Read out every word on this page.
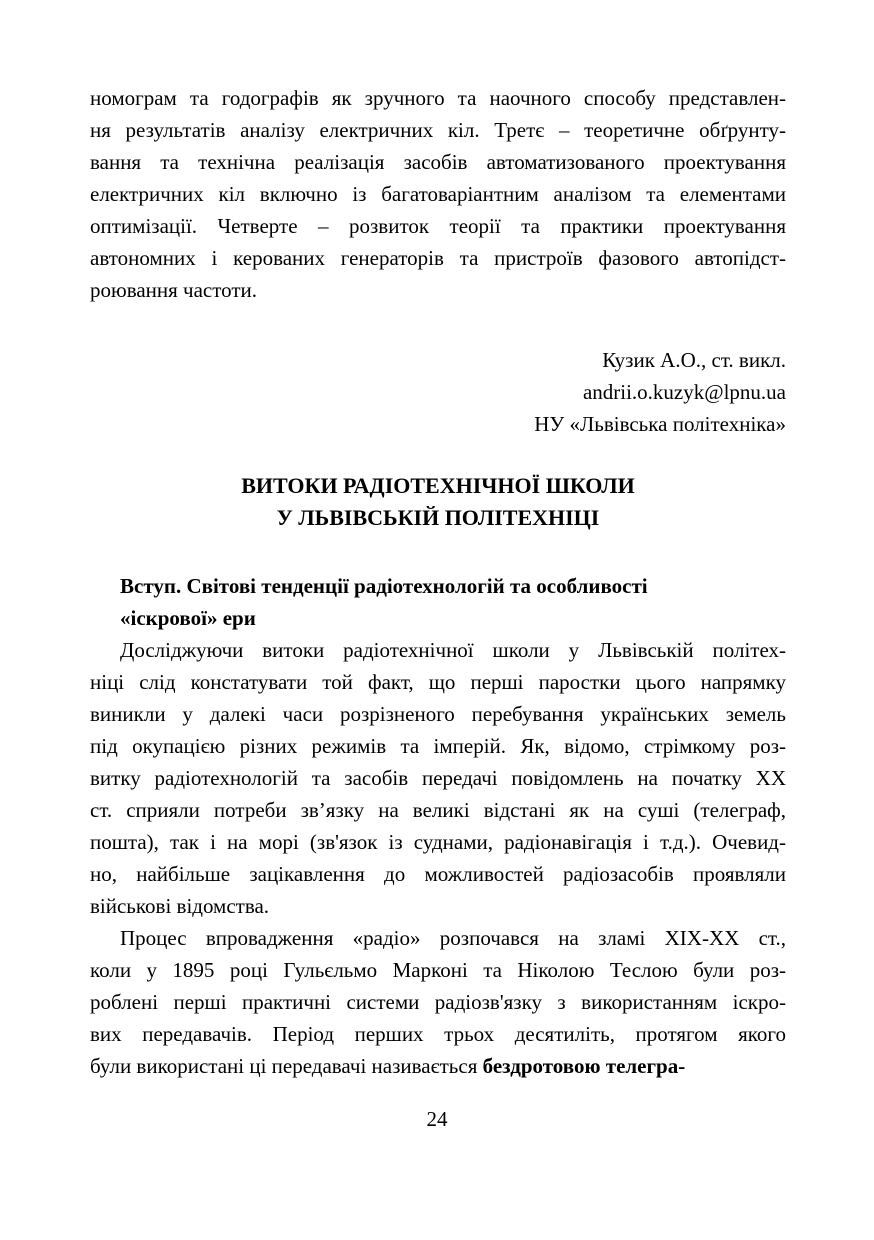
номограм та годографів як зручного та наочного способу представлен-
ня результатів аналізу електричних кіл. Третє – теоретичне обґрунту-
вання та технічна реалізація засобів автоматизованого проектування
електричних кіл включно із багатоваріантним аналізом та елементами
оптимізації. Четверте – розвиток теорії та практики проектування
автономних і керованих генераторів та пристроїв фазового автопідст-
роювання частоти.
Кузик А.О., ст. викл.
andrii.o.kuzyk@lpnu.ua
НУ «Львівська політехніка»
ВИТОКИ РАДІОТЕХНІЧНОЇ ШКОЛИ
У ЛЬВІВСЬКІЙ ПОЛІТЕХНІЦІ
Вступ. Світові тенденції радіотехнологій та особливості
«іскрової» ери
Досліджуючи витоки радіотехнічної школи у Львівській політех-
ніці слід констатувати той факт, що перші паростки цього напрямку
виникли у далекі часи розрізненого перебування українських земель
під окупацією різних режимів та імперій. Як, відомо, стрімкому роз-
витку радіотехнологій та засобів передачі повідомлень на початку ХХ
ст. сприяли потреби зв’язку на великі відстані як на суші (телеграф,
пошта), так і на морі (зв'язок із суднами, радіонавігація і т.д.). Очевид-
но, найбільше зацікавлення до можливостей радіозасобів проявляли
військові відомства.
Процес впровадження «радіо» розпочався на зламі ХІХ-ХХ ст.,
коли у 1895 році Гульєльмо Марконі та Ніколою Теслою були роз-
роблені перші практичні системи радіозв'язку з використанням іскро-
вих передавачів. Період перших трьох десятиліть, протягом якого
були використані ці передавачі називається бездротовою телегра-
24
